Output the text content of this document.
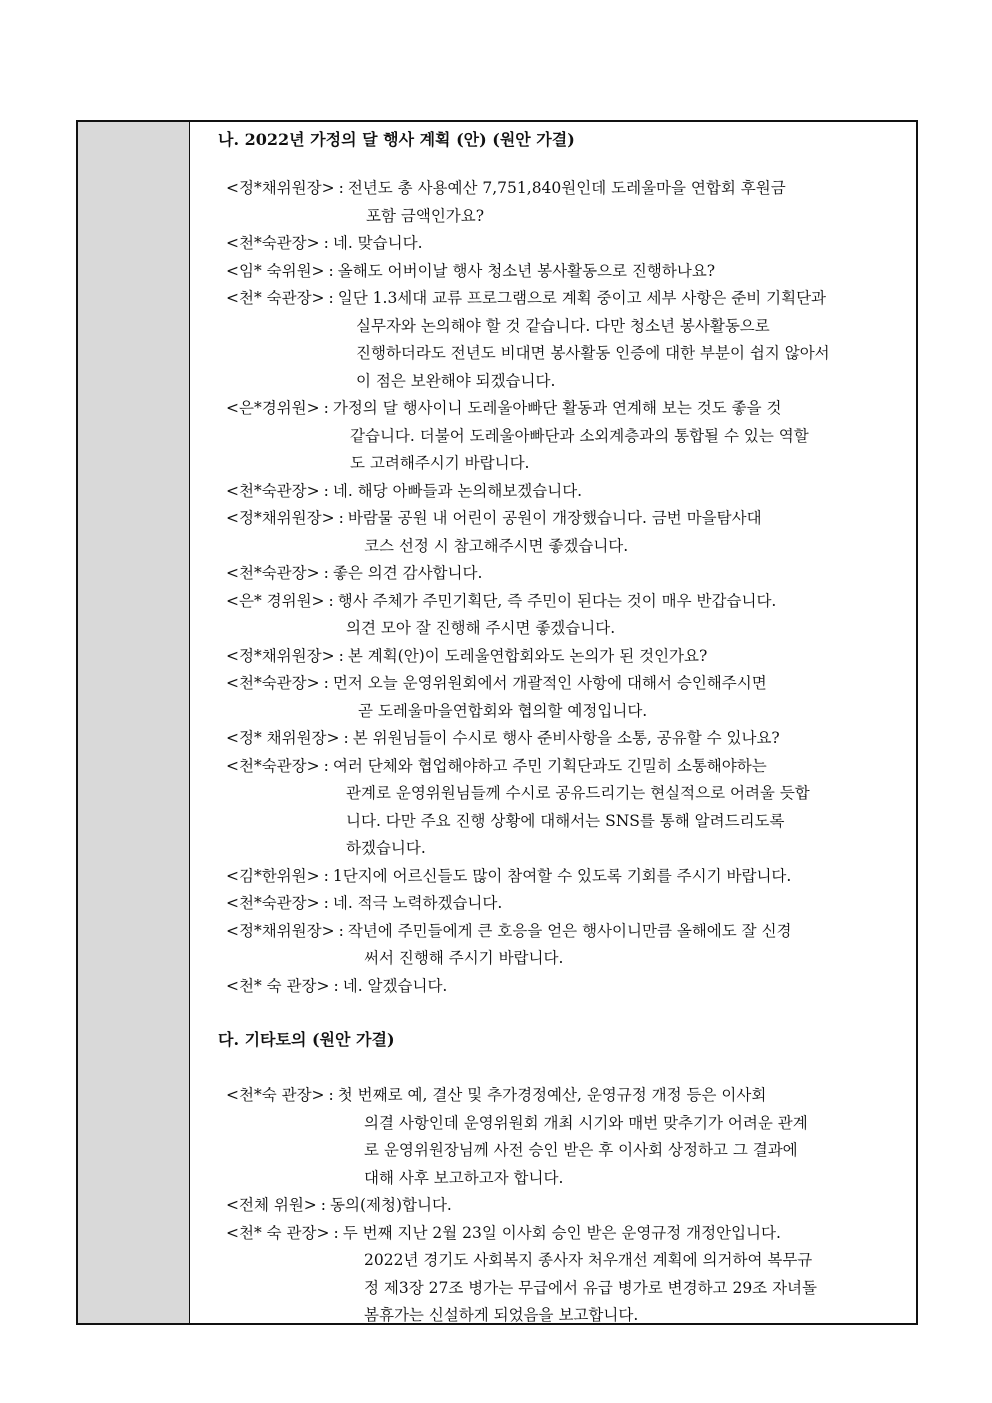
나. 2022년 가정의 달 행사 계획 (안) (원안 가결)
<정*채위원장> : 전년도 총 사용예산 7,751,840원인데 도레울마을 연합회 후원금
포함 금액인가요?
<천*숙관장> : 네. 맞습니다.
<임* 숙위원> : 올해도 어버이날 행사 청소년 봉사활동으로 진행하나요?
<천* 숙관장> : 일단 1.3세대 교류 프로그램으로 계획 중이고 세부 사항은 준비 기획단과
실무자와 논의해야 할 것 같습니다. 다만 청소년 봉사활동으로
진행하더라도 전년도 비대면 봉사활동 인증에 대한 부분이 쉽지 않아서
이 점은 보완해야 되겠습니다.
<은*경위원> : 가정의 달 행사이니 도레울아빠단 활동과 연계해 보는 것도 좋을 것
같습니다. 더불어 도레울아빠단과 소외계층과의 통합될 수 있는 역할
도 고려해주시기 바랍니다.
<천*숙관장> : 네. 해당 아빠들과 논의해보겠습니다.
<정*채위원장> : 바람물 공원 내 어린이 공원이 개장했습니다. 금번 마을탐사대
코스 선정 시 참고해주시면 좋겠습니다.
<천*숙관장> : 좋은 의견 감사합니다.
<은* 경위원> : 행사 주체가 주민기획단, 즉 주민이 된다는 것이 매우 반갑습니다.
의견 모아 잘 진행해 주시면 좋겠습니다.
<정*채위원장> : 본 계획(안)이 도레울연합회와도 논의가 된 것인가요?
<천*숙관장> : 먼저 오늘 운영위원회에서 개괄적인 사항에 대해서 승인해주시면
곧 도레울마을연합회와 협의할 예정입니다.
<정* 채위원장> : 본 위원님들이 수시로 행사 준비사항을 소통, 공유할 수 있나요?
<천*숙관장> : 여러 단체와 협업해야하고 주민 기획단과도 긴밀히 소통해야하는
관계로 운영위원님들께 수시로 공유드리기는 현실적으로 어려울 듯합
니다. 다만 주요 진행 상황에 대해서는 SNS를 통해 알려드리도록
하겠습니다.
<김*한위원> : 1단지에 어르신들도 많이 참여할 수 있도록 기회를 주시기 바랍니다.
<천*숙관장> : 네. 적극 노력하겠습니다.
<정*채위원장> : 작년에 주민들에게 큰 호응을 얻은 행사이니만큼 올해에도 잘 신경
써서 진행해 주시기 바랍니다.
<천* 숙 관장> : 네. 알겠습니다.
다. 기타토의 (원안 가결)
<천*숙 관장> : 첫 번째로 예, 결산 및 추가경정예산, 운영규정 개정 등은 이사회
의결 사항인데 운영위원회 개최 시기와 매번 맞추기가 어려운 관계
로 운영위원장님께 사전 승인 받은 후 이사회 상정하고 그 결과에
대해 사후 보고하고자 합니다.
<전체 위원> : 동의(제청)합니다.
<천* 숙 관장> : 두 번째 지난 2월 23일 이사회 승인 받은 운영규정 개정안입니다.
2022년 경기도 사회복지 종사자 처우개선 계획에 의거하여 복무규
정 제3장 27조 병가는 무급에서 유급 병가로 변경하고 29조 자녀돌
봄휴가는 신설하게 되었음을 보고합니다.
